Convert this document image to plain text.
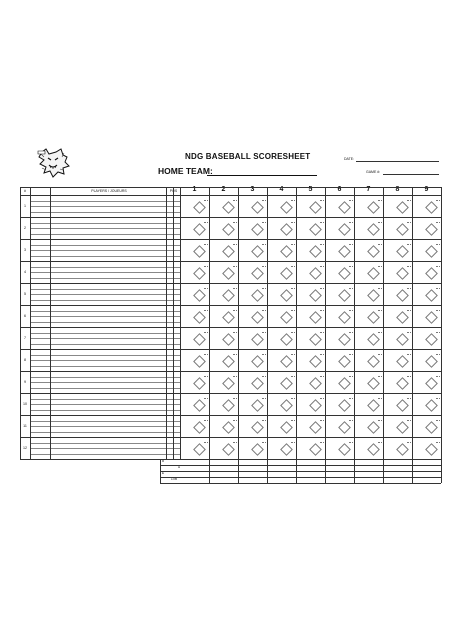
NDG BASEBALL SCORESHEET
HOME TEAM:
DATE:
GAME #:
#	PLAYERS / JOUEURS	POS	1	2	3	4	5	6	7	8	9
1
2
3
4
5
6
7
8
9
10
11
12
R
H
E
LOB
